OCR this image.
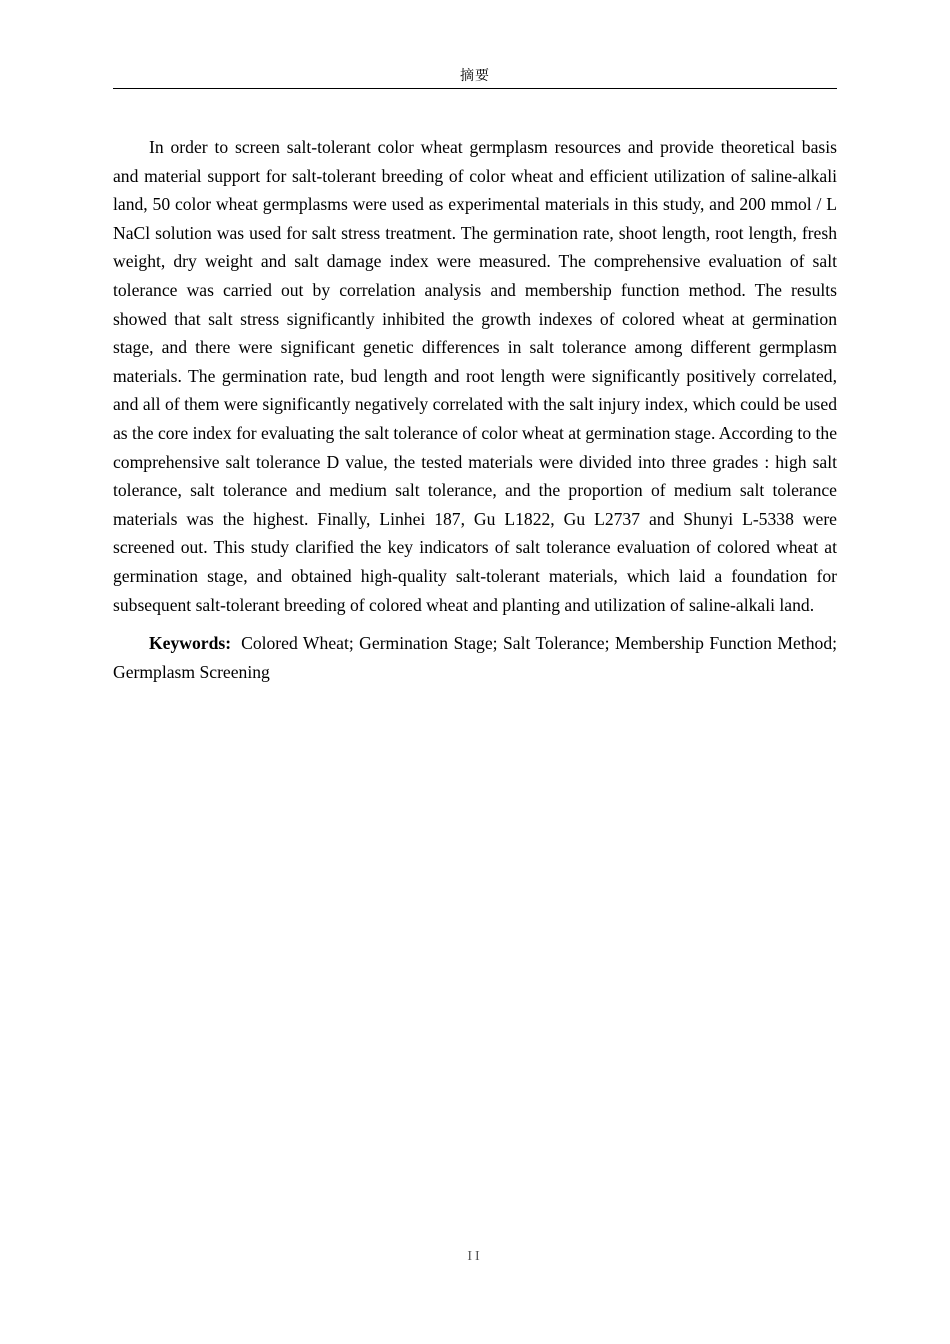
摘要

In order to screen salt-tolerant color wheat germplasm resources and provide theoretical basis and material support for salt-tolerant breeding of color wheat and efficient utilization of saline-alkali land, 50 color wheat germplasms were used as experimental materials in this study, and 200 mmol / L NaCl solution was used for salt stress treatment. The germination rate, shoot length, root length, fresh weight, dry weight and salt damage index were measured. The comprehensive evaluation of salt tolerance was carried out by correlation analysis and membership function method. The results showed that salt stress significantly inhibited the growth indexes of colored wheat at germination stage, and there were significant genetic differences in salt tolerance among different germplasm materials. The germination rate, bud length and root length were significantly positively correlated, and all of them were significantly negatively correlated with the salt injury index, which could be used as the core index for evaluating the salt tolerance of color wheat at germination stage. According to the comprehensive salt tolerance D value, the tested materials were divided into three grades : high salt tolerance, salt tolerance and medium salt tolerance, and the proportion of medium salt tolerance materials was the highest. Finally, Linhei 187, Gu L1822, Gu L2737 and Shunyi L-5338 were screened out. This study clarified the key indicators of salt tolerance evaluation of colored wheat at germination stage, and obtained high-quality salt-tolerant materials, which laid a foundation for subsequent salt-tolerant breeding of colored wheat and planting and utilization of saline-alkali land.

Keywords: Colored Wheat; Germination Stage; Salt Tolerance; Membership Function Method; Germplasm Screening

II
